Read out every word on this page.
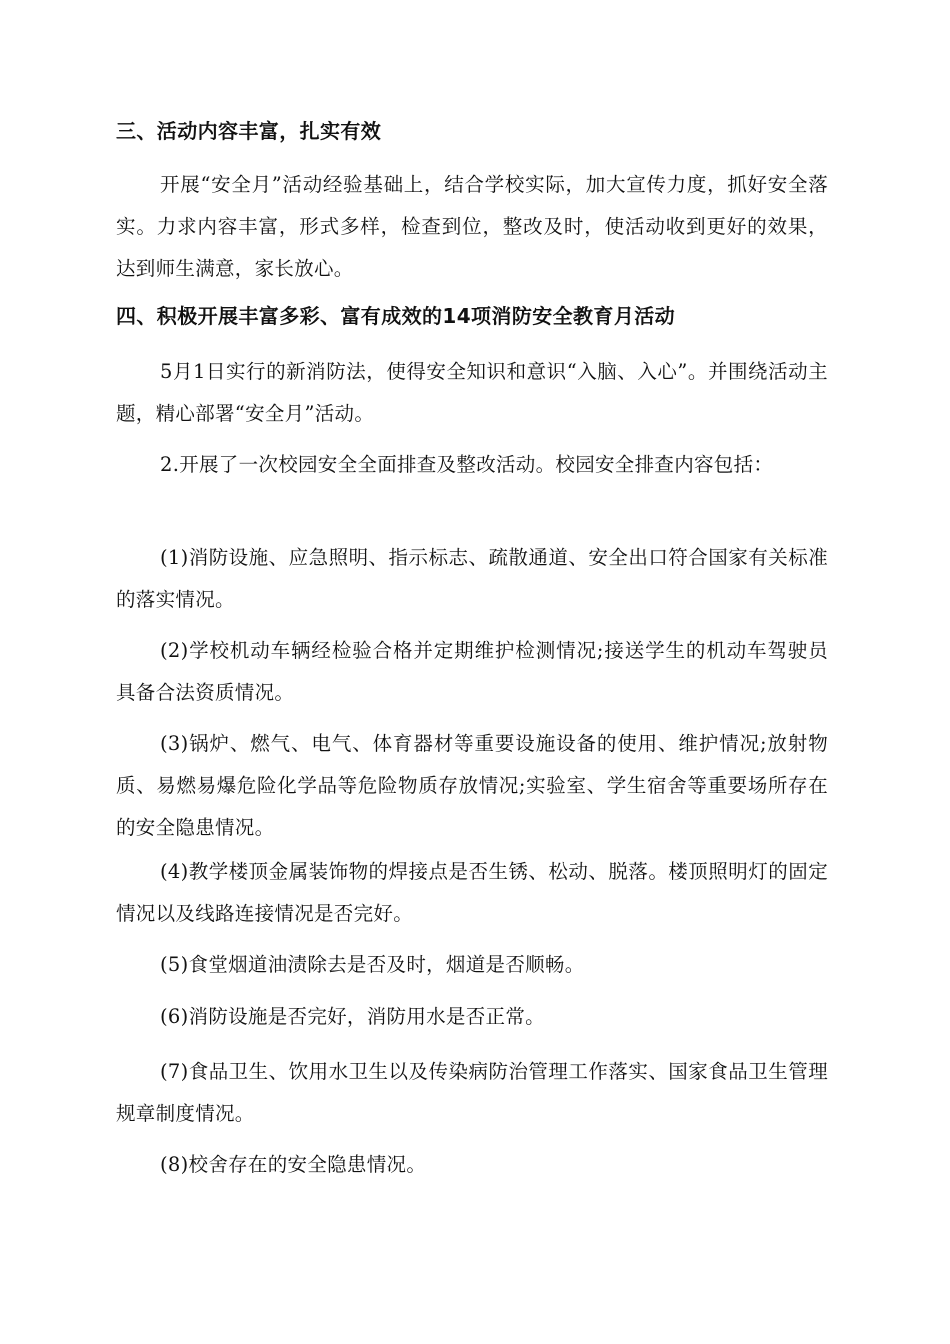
三、活动内容丰富，扎实有效
开展“安全月”活动经验基础上，结合学校实际，加大宣传力度，抓好安全落实。力求内容丰富，形式多样，检查到位，整改及时，使活动收到更好的效果，达到师生满意，家长放心。
四、积极开展丰富多彩、富有成效的14项消防安全教育月活动
5月1日实行的新消防法，使得安全知识和意识“入脑、入心”。并围绕活动主题，精心部署“安全月”活动。
2.开展了一次校园安全全面排查及整改活动。校园安全排查内容包括：
(1)消防设施、应急照明、指示标志、疏散通道、安全出口符合国家有关标准的落实情况。
(2)学校机动车辆经检验合格并定期维护检测情况;接送学生的机动车驾驶员具备合法资质情况。
(3)锅炉、燃气、电气、体育器材等重要设施设备的使用、维护情况;放射物质、易燃易爆危险化学品等危险物质存放情况;实验室、学生宿舍等重要场所存在的安全隐患情况。
(4)教学楼顶金属装饰物的焊接点是否生锈、松动、脱落。楼顶照明灯的固定情况以及线路连接情况是否完好。
(5)食堂烟道油渍除去是否及时，烟道是否顺畅。
(6)消防设施是否完好，消防用水是否正常。
(7)食品卫生、饮用水卫生以及传染病防治管理工作落实、国家食品卫生管理规章制度情况。
(8)校舍存在的安全隐患情况。
